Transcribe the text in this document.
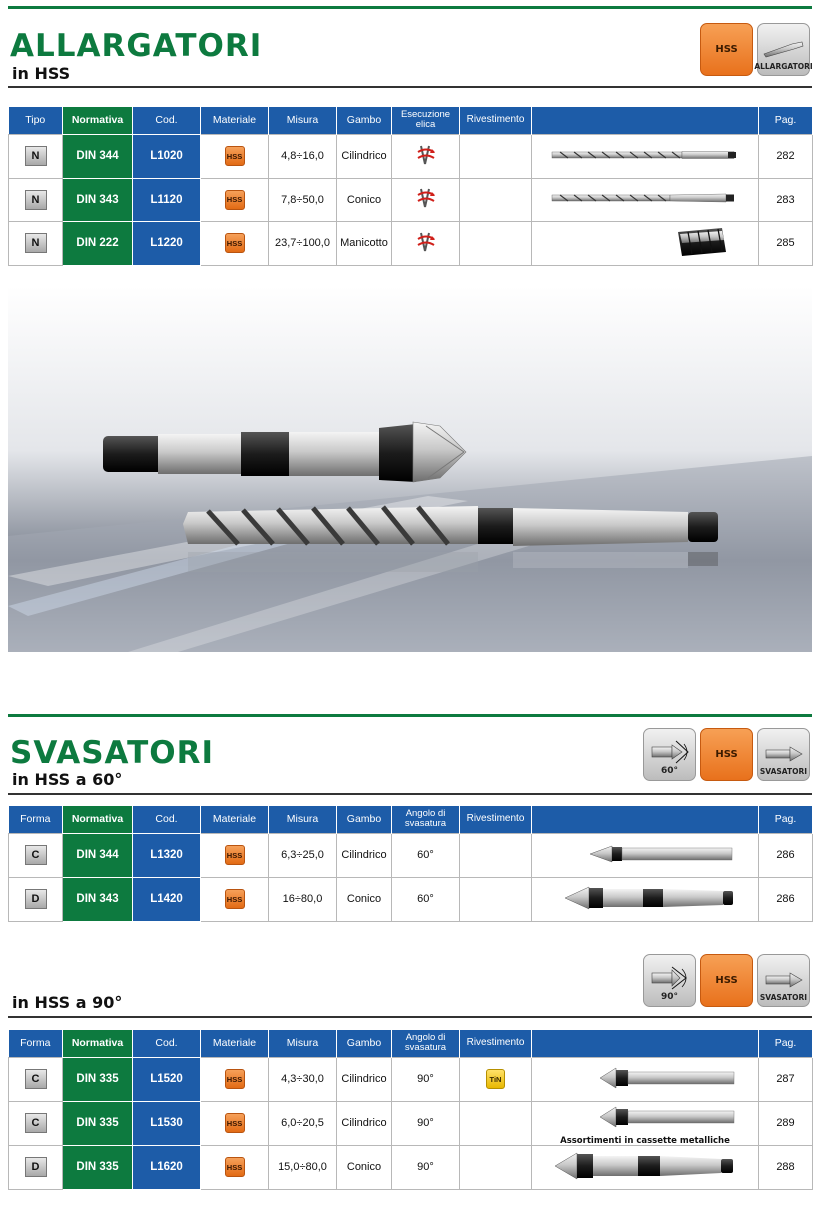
ALLARGATORI
in HSS
HSS
ALLARGATORI
Tipo	Normativa	Cod.	Materiale	Misura	Gambo	Esecuzione elica	Rivestimento		Pag.
N	DIN 344	L1020	HSS	4,8÷16,0	Cilindrico				282
N	DIN 343	L1120	HSS	7,8÷50,0	Conico				283
N	DIN 222	L1220	HSS	23,7÷100,0	Manicotto				285
SVASATORI
in HSS a 60°	60°
HSS
SVASATORI
Forma	Normativa	Cod.	Materiale	Misura	Gambo	Angolo di svasatura	Rivestimento		Pag.
C	DIN 344	L1320	HSS	6,3÷25,0	Cilindrico	60°			286
D	DIN 343	L1420	HSS	16÷80,0	Conico	60°			286
in HSS a 90°	90°
HSS
SVASATORI
Forma	Normativa	Cod.	Materiale	Misura	Gambo	Angolo di svasatura	Rivestimento		Pag.
C	DIN 335	L1520	HSS	4,3÷30,0	Cilindrico	90°	TiN		287
C	DIN 335	L1530	HSS	6,0÷20,5	Cilindrico	90°		Assortimenti in cassette metalliche	289
D	DIN 335	L1620	HSS	15,0÷80,0	Conico	90°			288
